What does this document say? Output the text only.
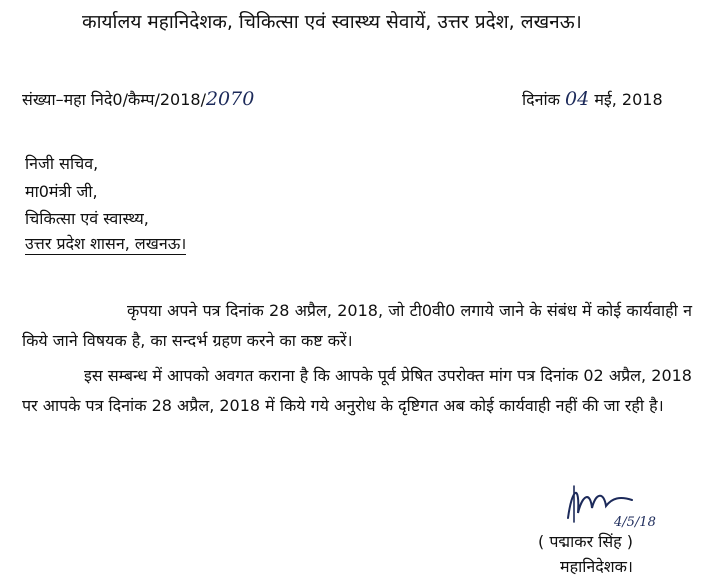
कार्यालय महानिदेशक, चिकित्सा एवं स्वास्थ्य सेवायें, उत्तर प्रदेश, लखनऊ।
संख्या–महा निदे0/कैम्प/2018/2070	दिनांक 04 मई, 2018
निजी सचिव,
मा0मंत्री जी,
चिकित्सा एवं स्वास्थ्य,
उत्तर प्रदेश शासन, लखनऊ।
कृपया अपने पत्र दिनांक 28 अप्रैल, 2018, जो टी0वी0 लगाये जाने के संबंध में कोई कार्यवाही न किये जाने विषयक है, का सन्दर्भ ग्रहण करने का कष्ट करें।
इस सम्बन्ध में आपको अवगत कराना है कि आपके पूर्व प्रेषित उपरोक्त मांग पत्र दिनांक 02 अप्रैल, 2018 पर आपके पत्र दिनांक 28 अप्रैल, 2018 में किये गये अनुरोध के दृष्टिगत अब कोई कार्यवाही नहीं की जा रही है।
4/5/18
( पद्माकर सिंह )
महानिदेशक।
